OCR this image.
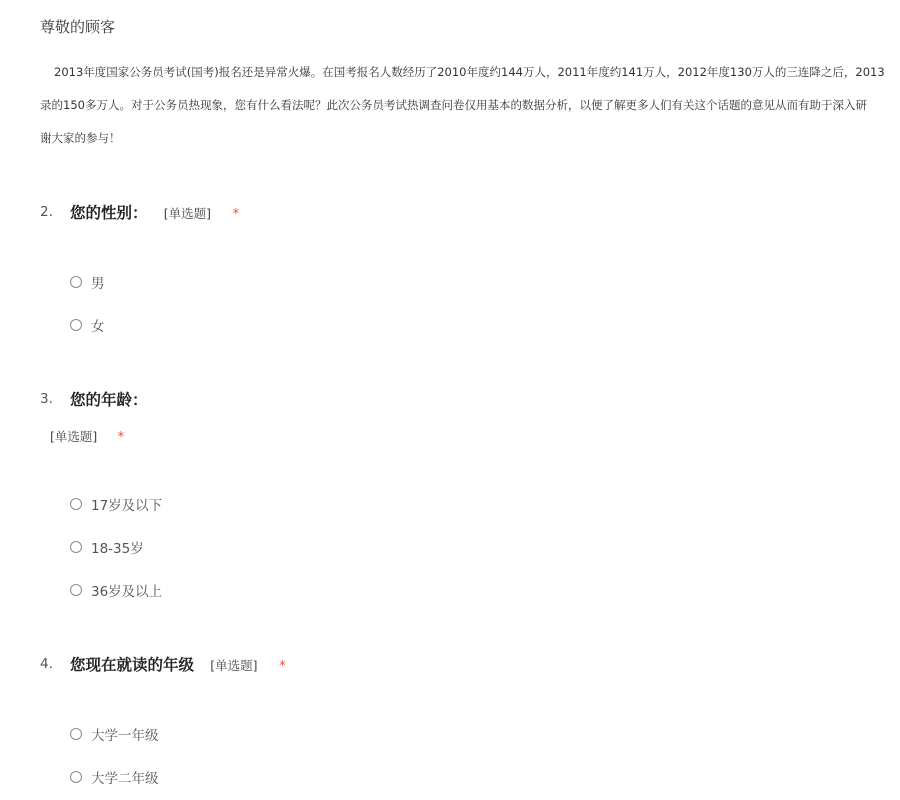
尊敬的顾客
2013年度国家公务员考试(国考)报名还是异常火爆。在国考报名人数经历了2010年度约144万人，2011年度约141万人，2012年度130万人的三连降之后，2013
录的150多万人。对于公务员热现象，您有什么看法呢？此次公务员考试热调查问卷仅用基本的数据分析，以便了解更多人们有关这个话题的意见从而有助于深入研
谢大家的参与！
2. 您的性别： [单选题] *
男
女
3. 您的年龄：
[单选题] *
17岁及以下
18-35岁
36岁及以上
4. 您现在就读的年级 [单选题] *
大学一年级
大学二年级
